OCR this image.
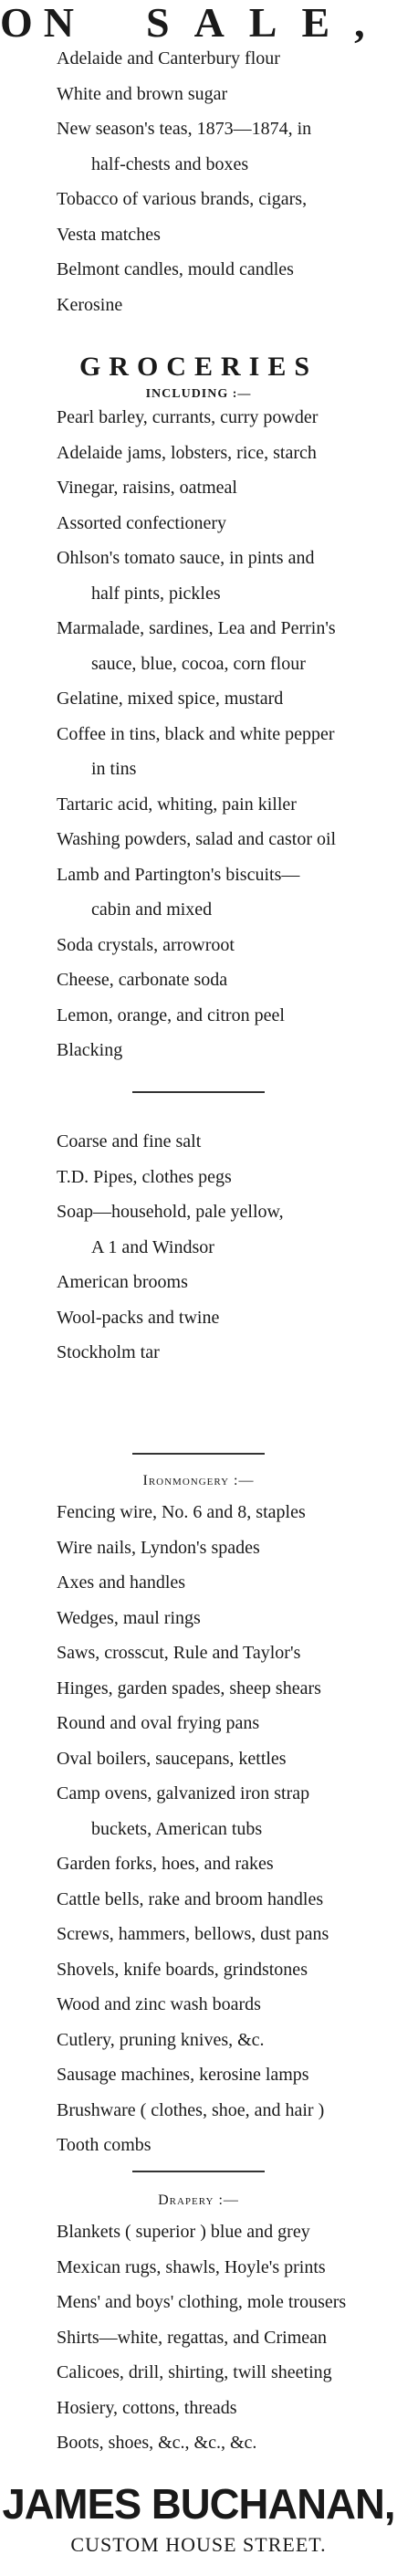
ON SALE,
Adelaide and Canterbury flour
White and brown sugar
New season's teas, 1873—1874, in
half-chests and boxes
Tobacco of various brands, cigars,
Vesta matches
Belmont candles, mould candles
Kerosine
GROCERIES
INCLUDING :—
Pearl barley, currants, curry powder
Adelaide jams, lobsters, rice, starch
Vinegar, raisins, oatmeal
Assorted confectionery
Ohlson's tomato sauce, in pints and
half pints, pickles
Marmalade, sardines, Lea and Perrin's
sauce, blue, cocoa, corn flour
Gelatine, mixed spice, mustard
Coffee in tins, black and white pepper
in tins
Tartaric acid, whiting, pain killer
Washing powders, salad and castor oil
Lamb and Partington's biscuits—
cabin and mixed
Soda crystals, arrowroot
Cheese, carbonate soda
Lemon, orange, and citron peel
Blacking
Coarse and fine salt
T.D. Pipes, clothes pegs
Soap—household, pale yellow,
A 1 and Windsor
American brooms
Wool-packs and twine
Stockholm tar
Ironmongery :—
Fencing wire, No. 6 and 8, staples
Wire nails, Lyndon's spades
Axes and handles
Wedges, maul rings
Saws, crosscut, Rule and Taylor's
Hinges, garden spades, sheep shears
Round and oval frying pans
Oval boilers, saucepans, kettles
Camp ovens, galvanized iron strap
buckets, American tubs
Garden forks, hoes, and rakes
Cattle bells, rake and broom handles
Screws, hammers, bellows, dust pans
Shovels, knife boards, grindstones
Wood and zinc wash boards
Cutlery, pruning knives, &c.
Sausage machines, kerosine lamps
Brushware ( clothes, shoe, and hair )
Tooth combs
Drapery :—
Blankets ( superior ) blue and grey
Mexican rugs, shawls, Hoyle's prints
Mens' and boys' clothing, mole trousers
Shirts—white, regattas, and Crimean
Calicoes, drill, shirting, twill sheeting
Hosiery, cottons, threads
Boots, shoes, &c., &c., &c.
JAMES BUCHANAN,
CUSTOM HOUSE STREET.
